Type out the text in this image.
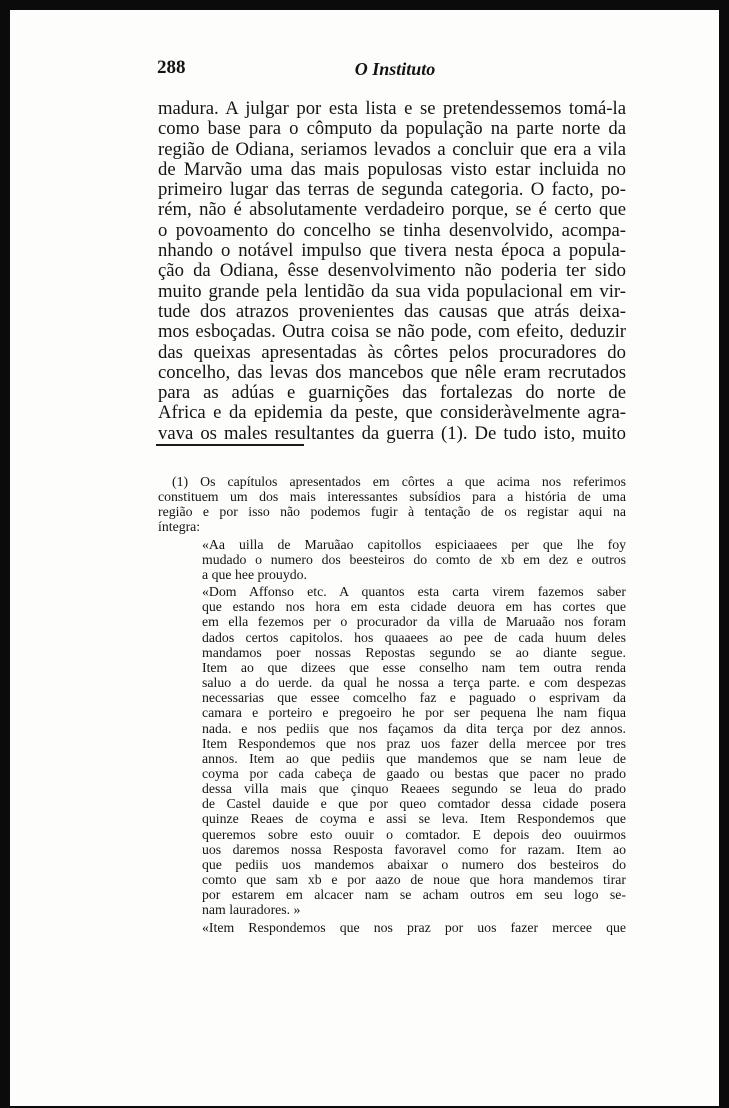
288	O Instituto
madura. A julgar por esta lista e se pretendessemos tomá-la
como base para o cômputo da população na parte norte da
região de Odiana, seriamos levados a concluir que era a vila
de Marvão uma das mais populosas visto estar incluida no
primeiro lugar das terras de segunda categoria. O facto, po-
rém, não é absolutamente verdadeiro porque, se é certo que
o povoamento do concelho se tinha desenvolvido, acompa-
nhando o notável impulso que tivera nesta época a popula-
ção da Odiana, êsse desenvolvimento não poderia ter sido
muito grande pela lentidão da sua vida populacional em vir-
tude dos atrazos provenientes das causas que atrás deixa-
mos esboçadas. Outra coisa se não pode, com efeito, deduzir
das queixas apresentadas às côrtes pelos procuradores do
concelho, das levas dos mancebos que nêle eram recrutados
para as adúas e guarnições das fortalezas do norte de
Africa e da epidemia da peste, que consideràvelmente agra-
vava os males resultantes da guerra (1). De tudo isto, muito
(1) Os capítulos apresentados em côrtes a que acima nos referimos
constituem um dos mais interessantes subsídios para a história de uma
região e por isso não podemos fugir à tentação de os registar aqui na
íntegra:
«Aa uilla de Maruãao capitollos espiciaaees per que lhe foy
mudado o numero dos beesteiros do comto de xb em dez e outros
a que hee prouydo.
«Dom Affonso etc. A quantos esta carta virem fazemos saber
que estando nos hora em esta cidade deuora em has cortes que
em ella fezemos per o procurador da villa de Maruaão nos foram
dados certos capitolos. hos quaaees ao pee de cada huum deles
mandamos poer nossas Repostas segundo se ao diante segue.
Item ao que dizees que esse conselho nam tem outra renda
saluo a do uerde. da qual he nossa a terça parte. e com despezas
necessarias que essee comcelho faz e paguado o esprivam da
camara e porteiro e pregoeiro he por ser pequena lhe nam fiqua
nada. e nos pediis que nos façamos da dita terça por dez annos.
Item Respondemos que nos praz uos fazer della mercee por tres
annos. Item ao que pediis que mandemos que se nam leue de
coyma por cada cabeça de gaado ou bestas que pacer no prado
dessa villa mais que çinquo Reaees segundo se leua do prado
de Castel dauide e que por queo comtador dessa cidade posera
quinze Reaes de coyma e assi se leva. Item Respondemos que
queremos sobre esto ouuir o comtador. E depois deo ouuirmos
uos daremos nossa Resposta favoravel como for razam. Item ao
que pediis uos mandemos abaixar o numero dos besteiros do
comto que sam xb e por aazo de noue que hora mandemos tirar
por estarem em alcacer nam se acham outros em seu logo se-
nam lauradores. »
«Item Respondemos que nos praz por uos fazer mercee que
